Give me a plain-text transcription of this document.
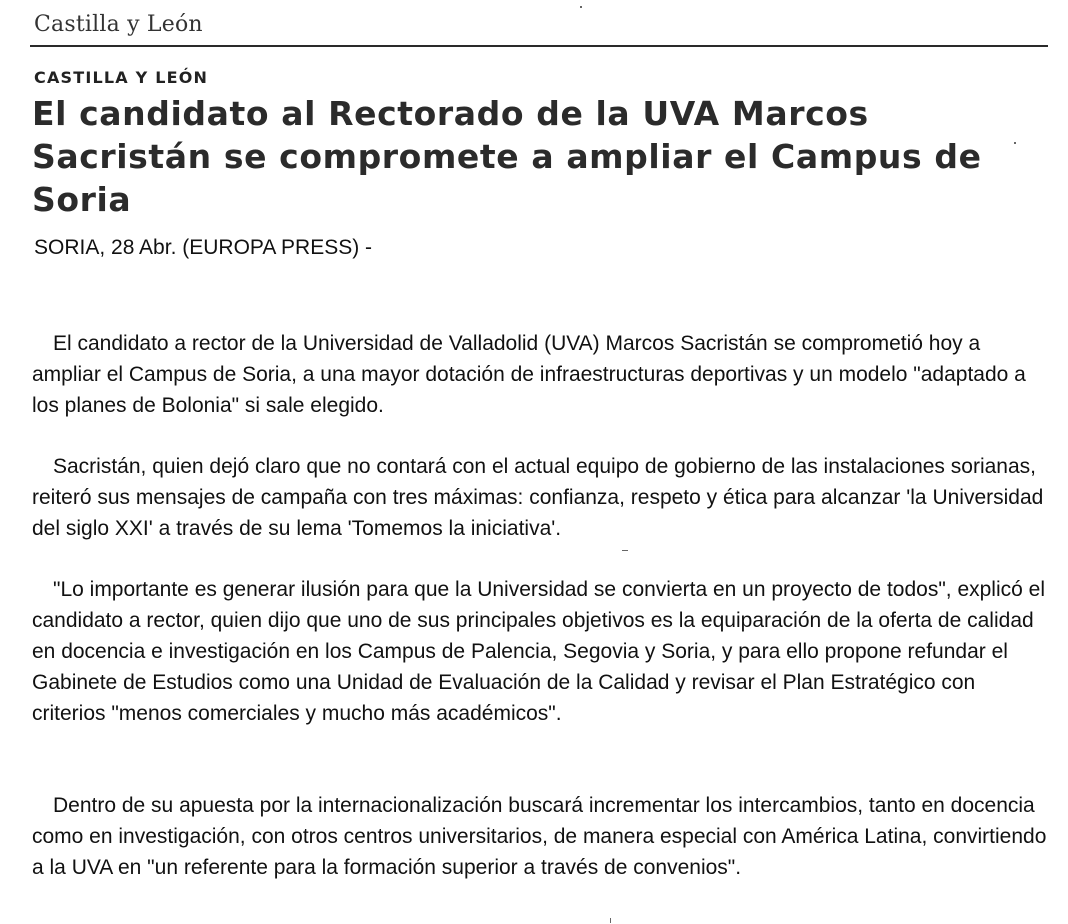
Castilla y León
CASTILLA Y LEÓN
El candidato al Rectorado de la UVA Marcos Sacristán se compromete a ampliar el Campus de Soria
SORIA, 28 Abr. (EUROPA PRESS) -

El candidato a rector de la Universidad de Valladolid (UVA) Marcos Sacristán se comprometió hoy a ampliar el Campus de Soria, a una mayor dotación de infraestructuras deportivas y un modelo "adaptado a los planes de Bolonia" si sale elegido.

Sacristán, quien dejó claro que no contará con el actual equipo de gobierno de las instalaciones sorianas, reiteró sus mensajes de campaña con tres máximas: confianza, respeto y ética para alcanzar 'la Universidad del siglo XXI' a través de su lema 'Tomemos la iniciativa'.

"Lo importante es generar ilusión para que la Universidad se convierta en un proyecto de todos", explicó el candidato a rector, quien dijo que uno de sus principales objetivos es la equiparación de la oferta de calidad en docencia e investigación en los Campus de Palencia, Segovia y Soria, y para ello propone refundar el Gabinete de Estudios como una Unidad de Evaluación de la Calidad y revisar el Plan Estratégico con criterios "menos comerciales y mucho más académicos".

Dentro de su apuesta por la internacionalización buscará incrementar los intercambios, tanto en docencia como en investigación, con otros centros universitarios, de manera especial con América Latina, convirtiendo a la UVA en "un referente para la formación superior a través de convenios".
